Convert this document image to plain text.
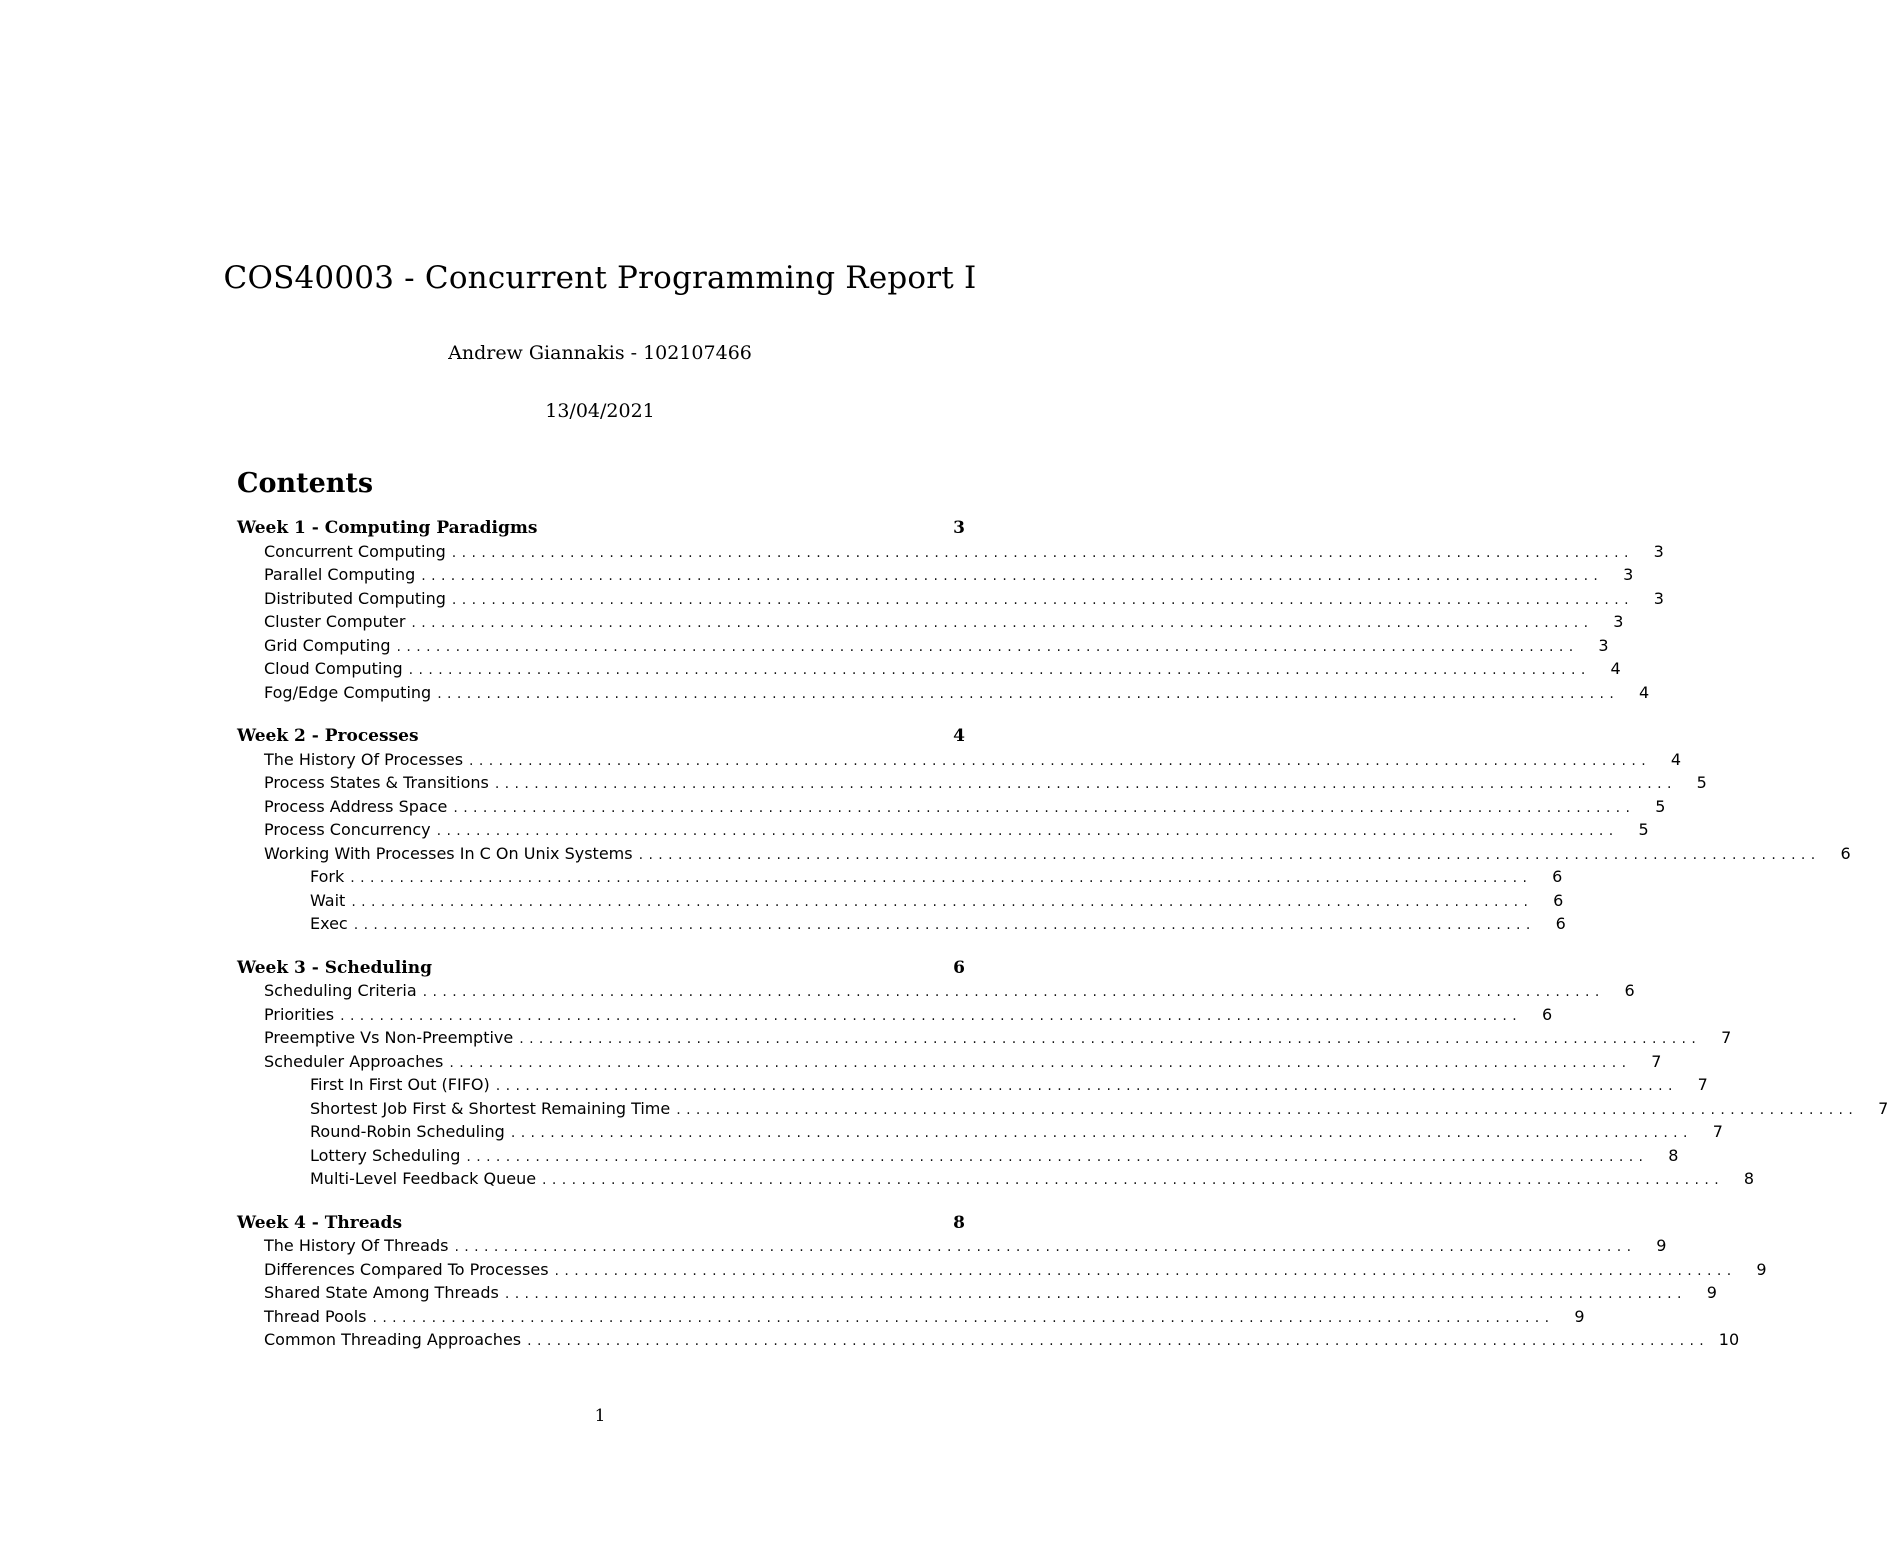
COS40003 - Concurrent Programming Report I
Andrew Giannakis - 102107466
13/04/2021
Contents
Week 1 - Computing Paradigms	3
Concurrent Computing ........................................................................................................................	3
Parallel Computing ........................................................................................................................	3
Distributed Computing ........................................................................................................................	3
Cluster Computer ........................................................................................................................	3
Grid Computing ........................................................................................................................	3
Cloud Computing ........................................................................................................................	4
Fog/Edge Computing ........................................................................................................................	4
Week 2 - Processes	4
The History Of Processes ........................................................................................................................	4
Process States & Transitions ........................................................................................................................	5
Process Address Space ........................................................................................................................	5
Process Concurrency ........................................................................................................................	5
Working With Processes In C On Unix Systems ........................................................................................................................	6
Fork ........................................................................................................................	6
Wait ........................................................................................................................	6
Exec ........................................................................................................................	6
Week 3 - Scheduling	6
Scheduling Criteria ........................................................................................................................	6
Priorities ........................................................................................................................	6
Preemptive Vs Non-Preemptive ........................................................................................................................	7
Scheduler Approaches ........................................................................................................................	7
First In First Out (FIFO) ........................................................................................................................	7
Shortest Job First & Shortest Remaining Time ........................................................................................................................	7
Round-Robin Scheduling ........................................................................................................................	7
Lottery Scheduling ........................................................................................................................	8
Multi-Level Feedback Queue ........................................................................................................................	8
Week 4 - Threads	8
The History Of Threads ........................................................................................................................	9
Differences Compared To Processes ........................................................................................................................	9
Shared State Among Threads ........................................................................................................................	9
Thread Pools ........................................................................................................................	9
Common Threading Approaches ........................................................................................................................ 10
1
